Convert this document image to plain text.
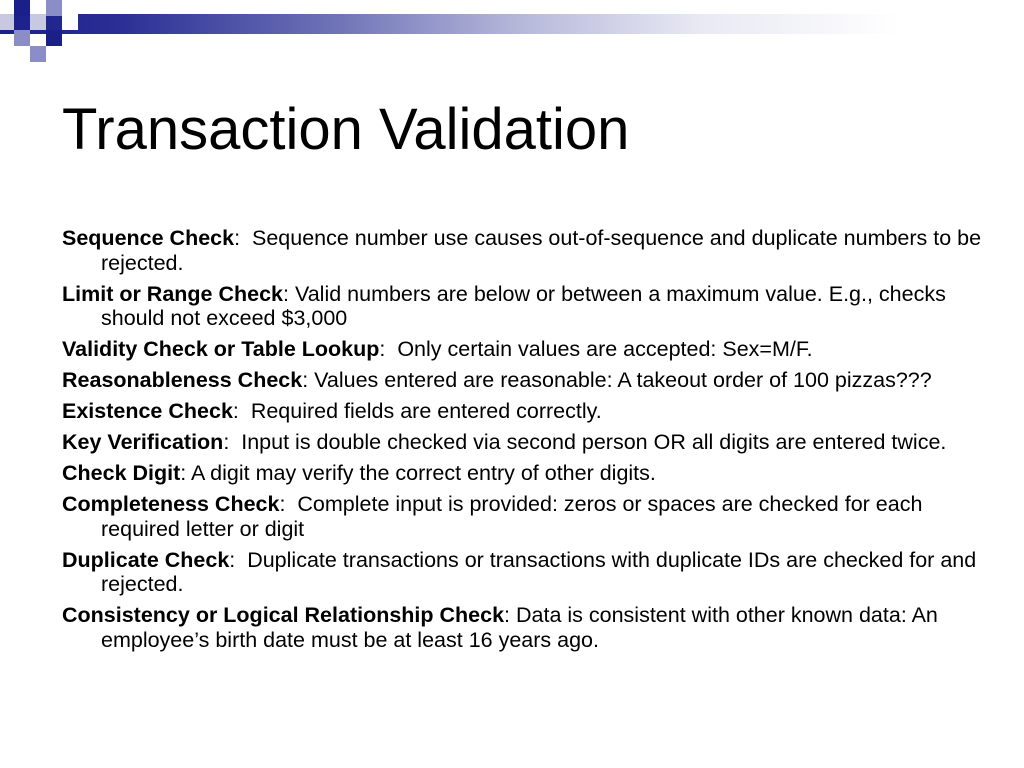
Transaction Validation
Sequence Check:  Sequence number use causes out-of-sequence and duplicate numbers to be rejected.
Limit or Range Check: Valid numbers are below or between a maximum value. E.g., checks should not exceed $3,000
Validity Check or Table Lookup:  Only certain values are accepted: Sex=M/F.
Reasonableness Check: Values entered are reasonable: A takeout order of 100 pizzas???
Existence Check:  Required fields are entered correctly.
Key Verification:  Input is double checked via second person OR all digits are entered twice.
Check Digit: A digit may verify the correct entry of other digits.
Completeness Check:  Complete input is provided: zeros or spaces are checked for each required letter or digit
Duplicate Check:  Duplicate transactions or transactions with duplicate IDs are checked for and rejected.
Consistency or Logical Relationship Check: Data is consistent with other known data: An employee’s birth date must be at least 16 years ago.
